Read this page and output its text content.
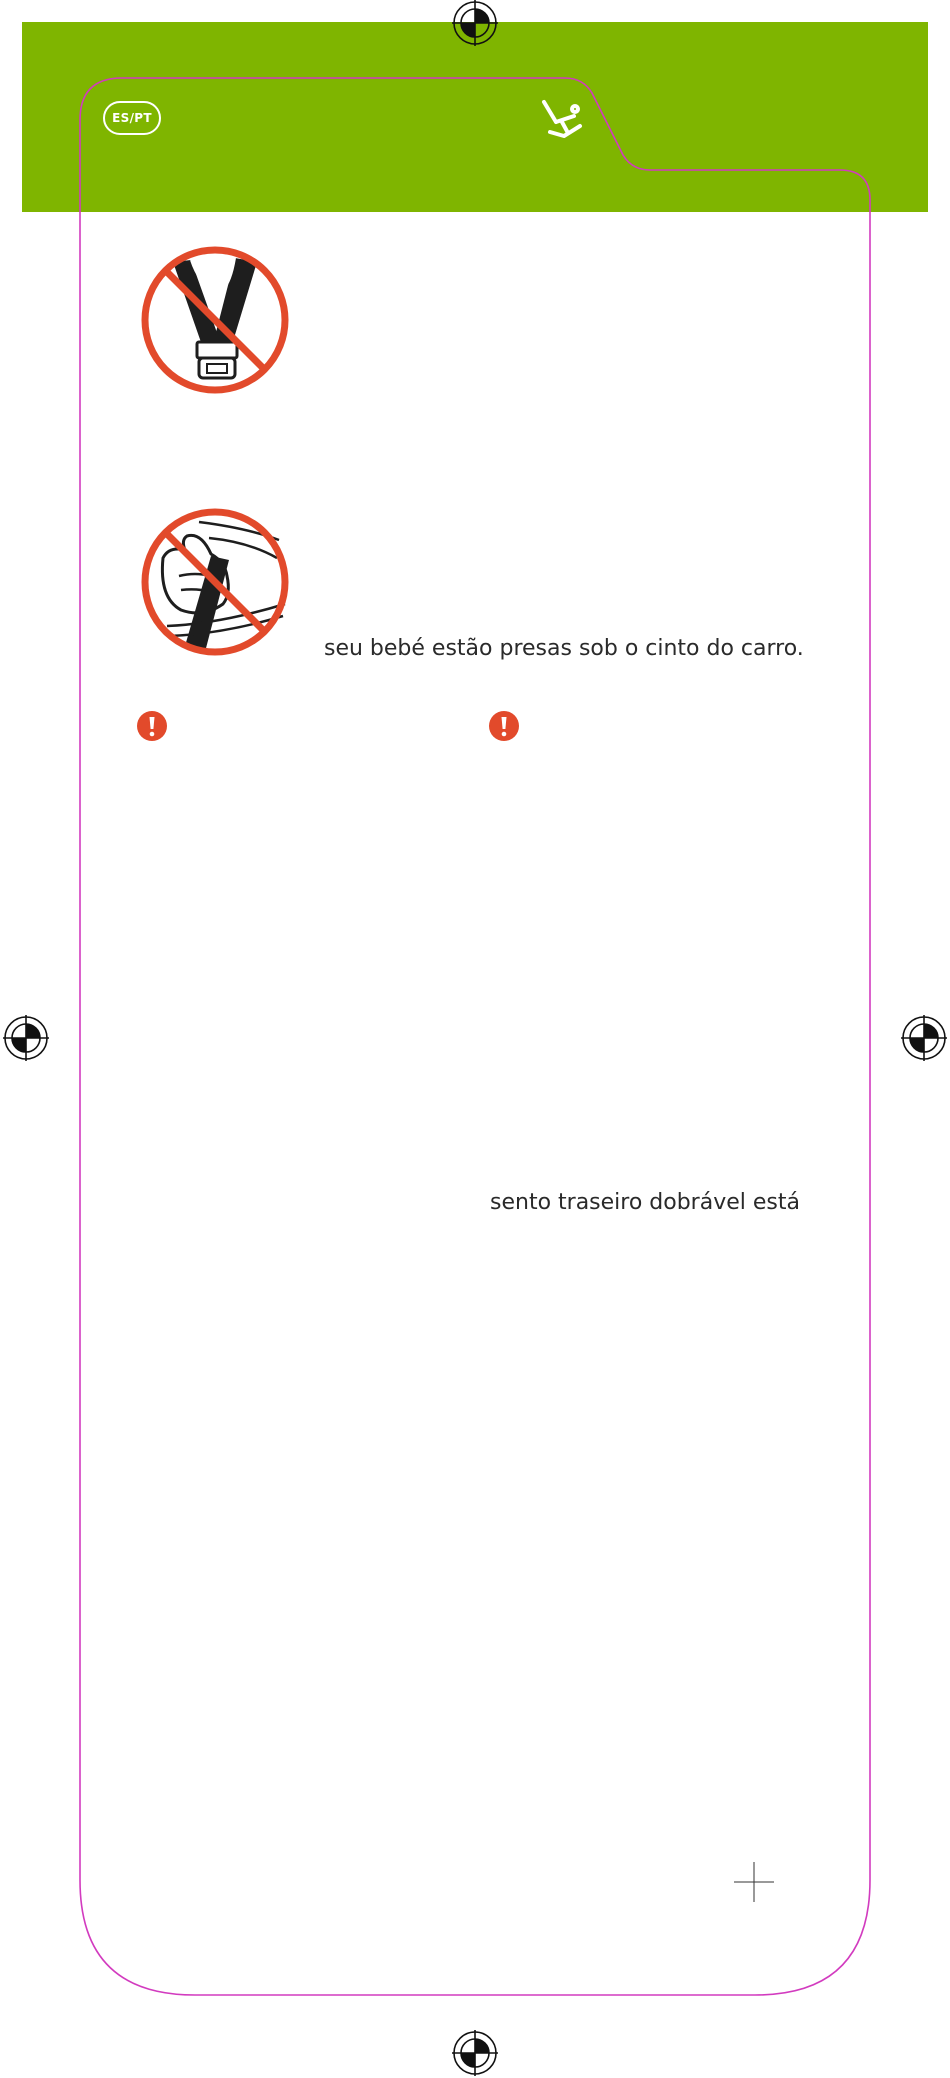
ES/PT
seu bebé estão presas sob o cinto do carro.
sento traseiro dobrável está
